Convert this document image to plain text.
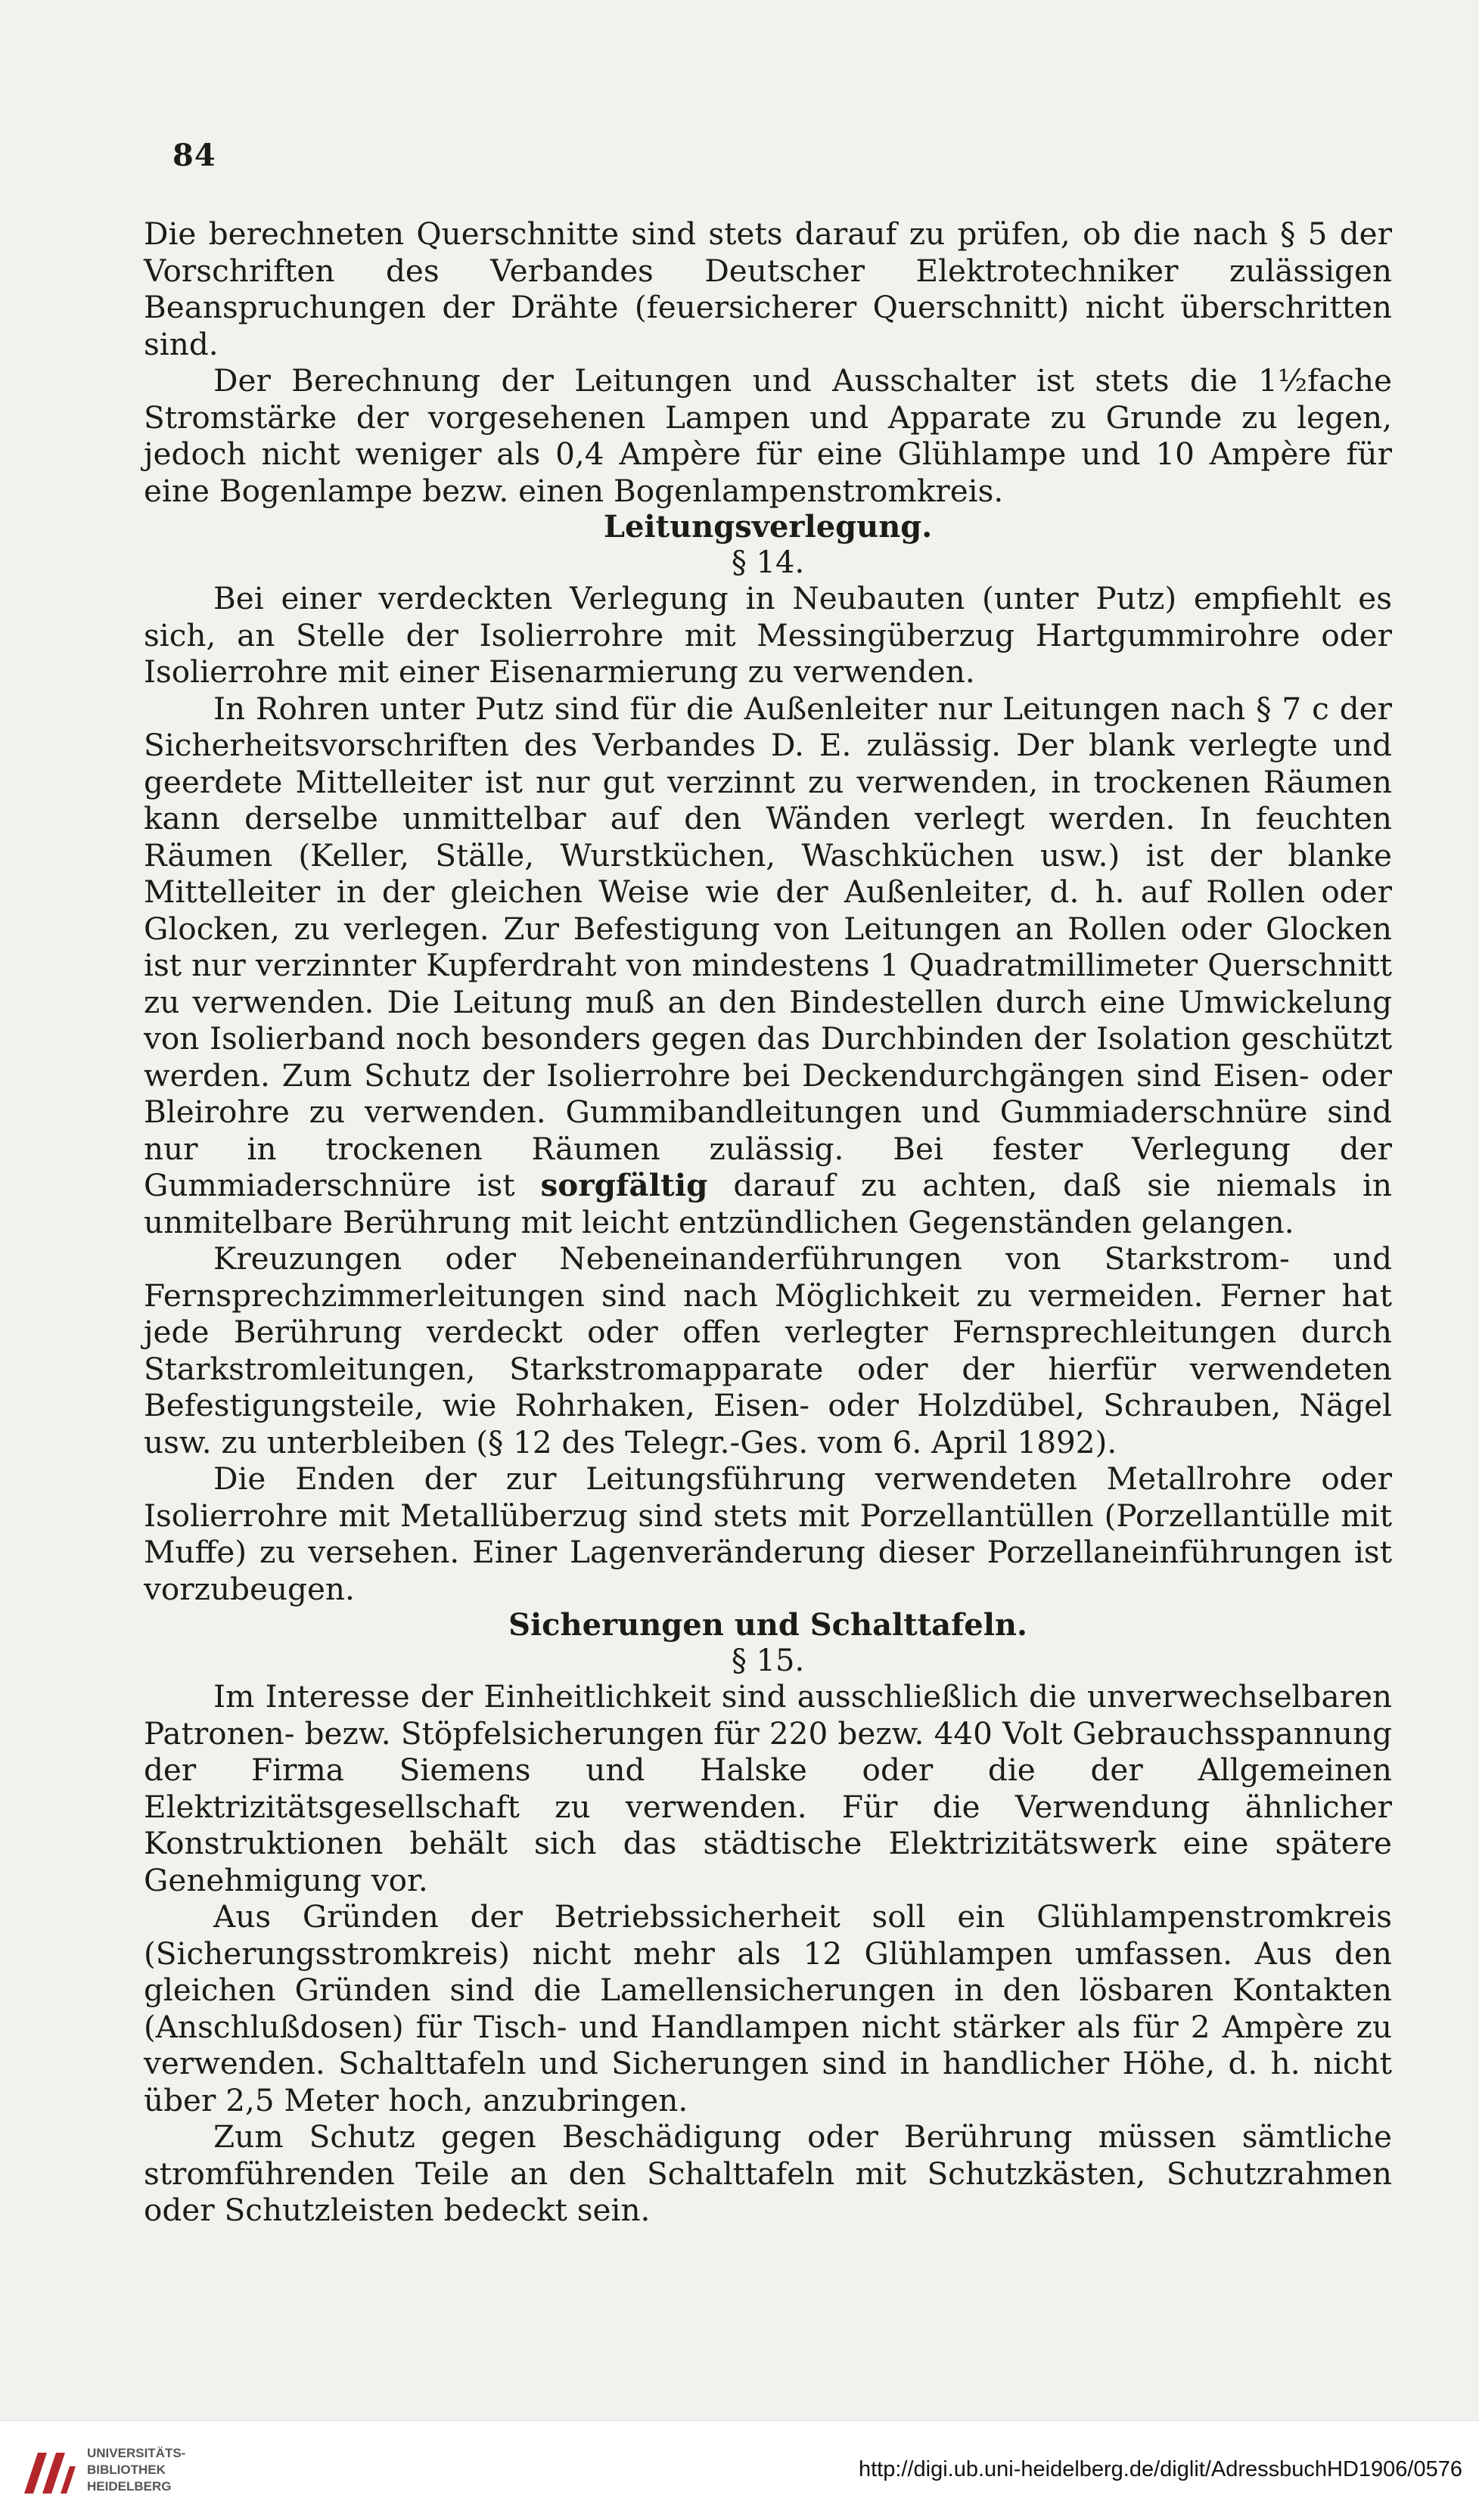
84

Die berechneten Querschnitte sind stets darauf zu prüfen, ob die nach § 5 der Vorschriften des Verbandes Deutscher Elektrotechniker zulässigen Beanspruchungen der Drähte (feuersicherer Querschnitt) nicht überschritten sind.

Der Berechnung der Leitungen und Ausschalter ist stets die 1½fache Stromstärke der vorgesehenen Lampen und Apparate zu Grunde zu legen, jedoch nicht weniger als 0,4 Ampère für eine Glühlampe und 10 Ampère für eine Bogenlampe bezw. einen Bogenlampenstromkreis.

Leitungsverlegung.
§ 14.

Bei einer verdeckten Verlegung in Neubauten (unter Putz) empfiehlt es sich, an Stelle der Isolierrohre mit Messingüberzug Hartgummirohre oder Isolierrohre mit einer Eisenarmierung zu verwenden.

In Rohren unter Putz sind für die Außenleiter nur Leitungen nach § 7 c der Sicherheitsvorschriften des Verbandes D. E. zulässig. Der blank verlegte und geerdete Mittelleiter ist nur gut verzinnt zu verwenden, in trockenen Räumen kann derselbe unmittelbar auf den Wänden verlegt werden. In feuchten Räumen (Keller, Ställe, Wurstküchen, Waschküchen usw.) ist der blanke Mittelleiter in der gleichen Weise wie der Außenleiter, d. h. auf Rollen oder Glocken, zu verlegen. Zur Befestigung von Leitungen an Rollen oder Glocken ist nur verzinnter Kupferdraht von mindestens 1 Quadratmillimeter Querschnitt zu verwenden. Die Leitung muß an den Bindestellen durch eine Umwickelung von Isolierband noch besonders gegen das Durchbinden der Isolation geschützt werden. Zum Schutz der Isolierrohre bei Deckendurchgängen sind Eisen- oder Bleirohre zu verwenden. Gummibandleitungen und Gummiaderschnüre sind nur in trockenen Räumen zulässig. Bei fester Verlegung der Gummiaderschnüre ist sorgfältig darauf zu achten, daß sie niemals in unmitelbare Berührung mit leicht entzündlichen Gegenständen gelangen.

Kreuzungen oder Nebeneinanderführungen von Starkstrom- und Fernsprechzimmerleitungen sind nach Möglichkeit zu vermeiden. Ferner hat jede Berührung verdeckt oder offen verlegter Fernsprechleitungen durch Starkstromleitungen, Starkstromapparate oder der hierfür verwendeten Befestigungsteile, wie Rohrhaken, Eisen- oder Holzdübel, Schrauben, Nägel usw. zu unterbleiben (§ 12 des Telegr.-Ges. vom 6. April 1892).

Die Enden der zur Leitungsführung verwendeten Metallrohre oder Isolierrohre mit Metallüberzug sind stets mit Porzellantüllen (Porzellantülle mit Muffe) zu versehen. Einer Lagenveränderung dieser Porzellaneinführungen ist vorzubeugen.

Sicherungen und Schalttafeln.
§ 15.

Im Interesse der Einheitlichkeit sind ausschließlich die unverwechselbaren Patronen- bezw. Stöpfelsicherungen für 220 bezw. 440 Volt Gebrauchsspannung der Firma Siemens und Halske oder die der Allgemeinen Elektrizitätsgesellschaft zu verwenden. Für die Verwendung ähnlicher Konstruktionen behält sich das städtische Elektrizitätswerk eine spätere Genehmigung vor.

Aus Gründen der Betriebssicherheit soll ein Glühlampenstromkreis (Sicherungsstromkreis) nicht mehr als 12 Glühlampen umfassen. Aus den gleichen Gründen sind die Lamellensicherungen in den lösbaren Kontakten (Anschlußdosen) für Tisch- und Handlampen nicht stärker als für 2 Ampère zu verwenden. Schalttafeln und Sicherungen sind in handlicher Höhe, d. h. nicht über 2,5 Meter hoch, anzubringen.

Zum Schutz gegen Beschädigung oder Berührung müssen sämtliche stromführenden Teile an den Schalttafeln mit Schutzkästen, Schutzrahmen oder Schutzleisten bedeckt sein.

UNIVERSITÄTS-
BIBLIOTHEK
HEIDELBERG
http://digi.ub.uni-heidelberg.de/diglit/AdressbuchHD1906/0576
